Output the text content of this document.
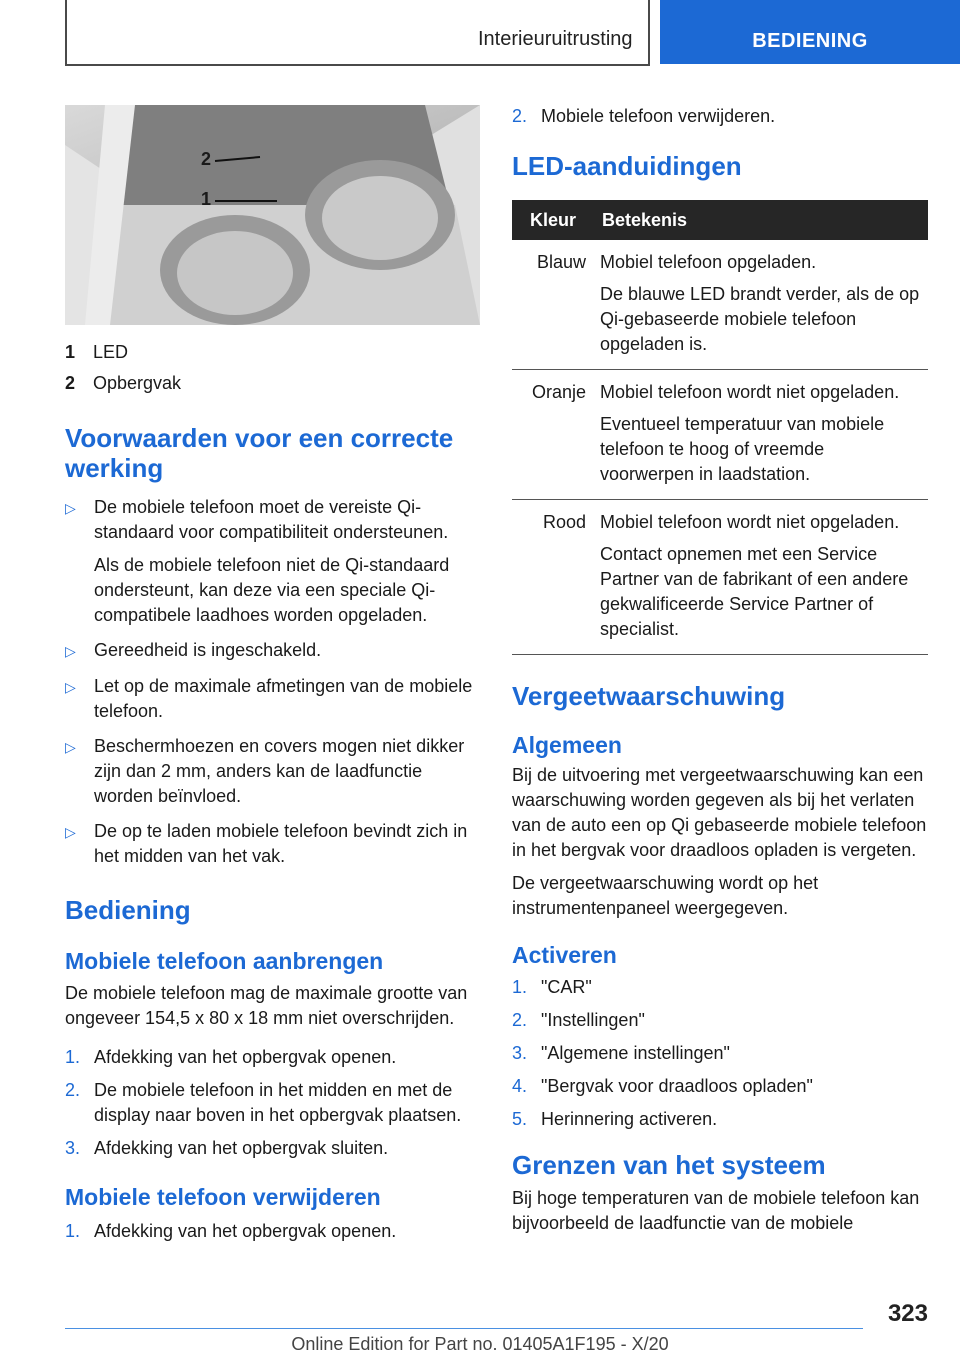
Interieuruitrusting	BEDIENING
2
1
1 LED
2 Opbergvak
Voorwaarden voor een correcte werking
▷	De mobiele telefoon moet de vereiste Qi-standaard voor compatibiliteit ondersteunen.

Als de mobiele telefoon niet de Qi-standaard ondersteunt, kan deze via een speciale Qi-compatibele laadhoes worden opgeladen.

▷	Gereedheid is ingeschakeld.

▷	Let op de maximale afmetingen van de mobiele telefoon.

▷	Beschermhoezen en covers mogen niet dikker zijn dan 2 mm, anders kan de laadfunctie worden beïnvloed.

▷	De op te laden mobiele telefoon bevindt zich in het midden van het vak.

Bediening
Mobiele telefoon aanbrengen

De mobiele telefoon mag de maximale grootte van ongeveer 154,5 x 80 x 18 mm niet overschrijden.

1. Afdekking van het opbergvak openen.
2. De mobiele telefoon in het midden en met de display naar boven in het opbergvak plaatsen.
3. Afdekking van het opbergvak sluiten.
Mobiele telefoon verwijderen
1. Afdekking van het opbergvak openen.
2. Mobiele telefoon verwijderen.
LED-aanduidingen
Kleur	Betekenis
Blauw	Mobiel telefoon opgeladen.

De blauwe LED brandt verder, als de op Qi-gebaseerde mobiele telefoon opgeladen is.

Oranje	Mobiel telefoon wordt niet opgeladen.

Eventueel temperatuur van mobiele telefoon te hoog of vreemde voorwerpen in laadstation.

Rood	Mobiel telefoon wordt niet opgeladen.

Contact opnemen met een Service Partner van de fabrikant of een andere gekwalificeerde Service Partner of specialist.

Vergeetwaarschuwing
Algemeen

Bij de uitvoering met vergeetwaarschuwing kan een waarschuwing worden gegeven als bij het verlaten van de auto een op Qi gebaseerde mobiele telefoon in het bergvak voor draadloos opladen is vergeten.

De vergeetwaarschuwing wordt op het instrumentenpaneel weergegeven.

Activeren
1. "CAR"
2. "Instellingen"
3. "Algemene instellingen"
4. "Bergvak voor draadloos opladen"
5. Herinnering activeren.
Grenzen van het systeem

Bij hoge temperaturen van de mobiele telefoon kan bijvoorbeeld de laadfunctie van de mobiele

323
Online Edition for Part no. 01405A1F195 - X/20
